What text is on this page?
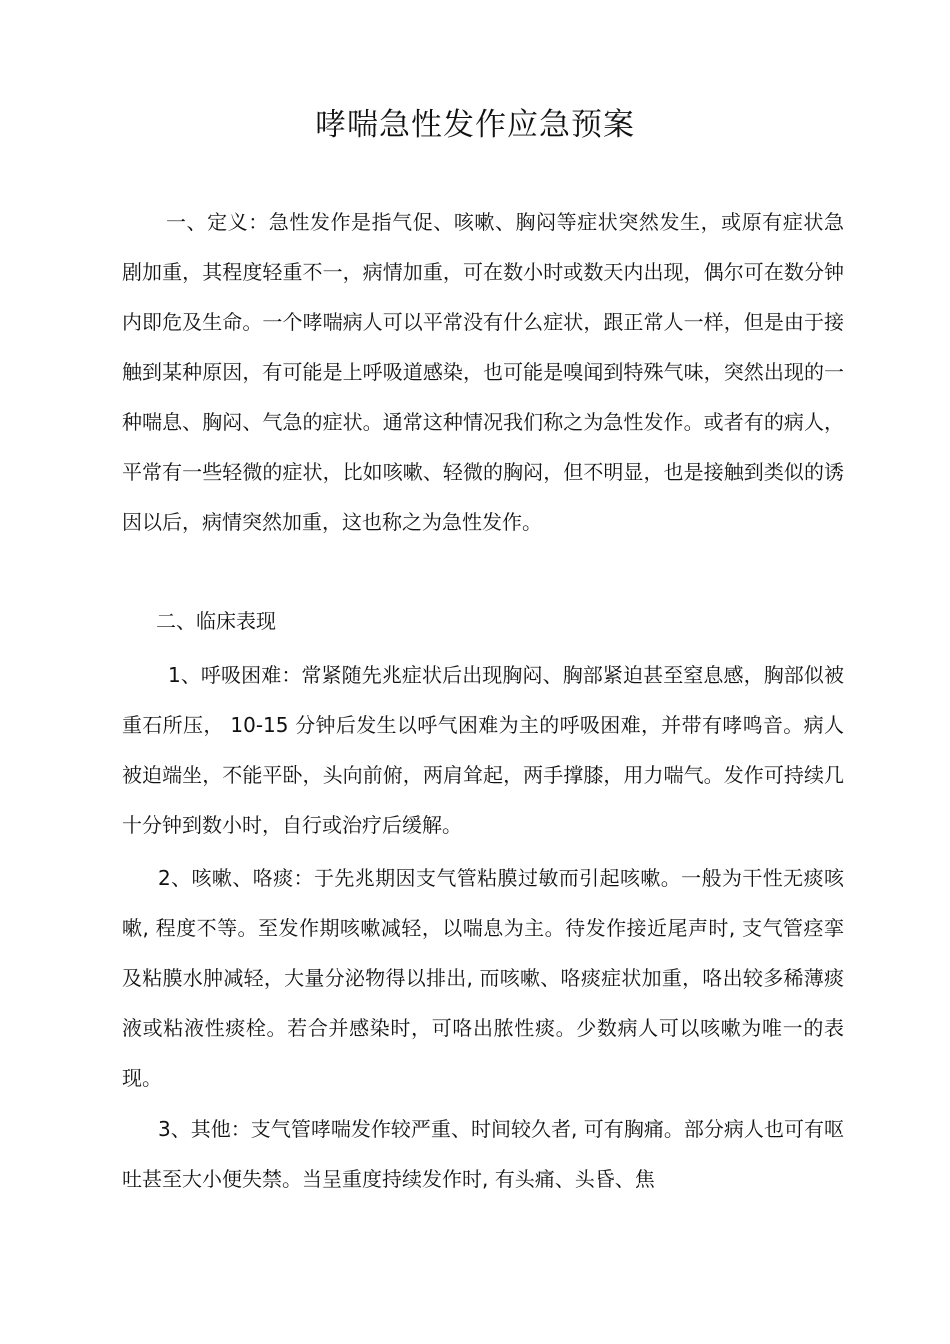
哮喘急性发作应急预案

一、定义：急性发作是指气促、咳嗽、胸闷等症状突然发生，或原有症状急剧加重，其程度轻重不一，病情加重，可在数小时或数天内出现，偶尔可在数分钟内即危及生命。一个哮喘病人可以平常没有什么症状，跟正常人一样，但是由于接触到某种原因，有可能是上呼吸道感染，也可能是嗅闻到特殊气味，突然出现的一种喘息、胸闷、气急的症状。通常这种情况我们称之为急性发作。或者有的病人，平常有一些轻微的症状，比如咳嗽、轻微的胸闷，但不明显，也是接触到类似的诱因以后，病情突然加重，这也称之为急性发作。

二、临床表现

1、呼吸困难：常紧随先兆症状后出现胸闷、胸部紧迫甚至窒息感，胸部似被重石所压， 10-15 分钟后发生以呼气困难为主的呼吸困难，并带有哮鸣音。病人被迫端坐，不能平卧，头向前俯，两肩耸起，两手撑膝，用力喘气。发作可持续几十分钟到数小时，自行或治疗后缓解。

2、咳嗽、咯痰：于先兆期因支气管粘膜过敏而引起咳嗽。一般为干性无痰咳嗽, 程度不等。至发作期咳嗽减轻，以喘息为主。待发作接近尾声时, 支气管痉挛及粘膜水肿减轻，大量分泌物得以排出, 而咳嗽、咯痰症状加重，咯出较多稀薄痰液或粘液性痰栓。若合并感染时，可咯出脓性痰。少数病人可以咳嗽为唯一的表现。

3、其他：支气管哮喘发作较严重、时间较久者, 可有胸痛。部分病人也可有呕吐甚至大小便失禁。当呈重度持续发作时, 有头痛、头昏、焦
